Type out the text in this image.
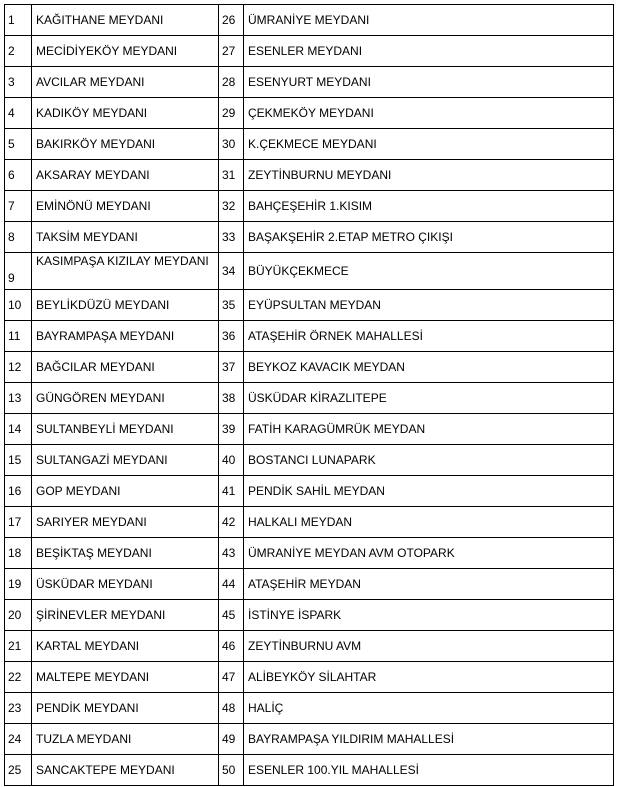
1	KAĞITHANE MEYDANI	26	ÜMRANİYE MEYDANI
2	MECİDİYEKÖY MEYDANI	27	ESENLER MEYDANI
3	AVCILAR MEYDANI	28	ESENYURT MEYDANI
4	KADIKÖY MEYDANI	29	ÇEKMEKÖY MEYDANI
5	BAKIRKÖY MEYDANI	30	K.ÇEKMECE MEYDANI
6	AKSARAY MEYDANI	31	ZEYTİNBURNU MEYDANI
7	EMİNÖNÜ MEYDANI	32	BAHÇEŞEHİR 1.KISIM
8	TAKSİM MEYDANI	33	BAŞAKŞEHİR 2.ETAP METRO ÇIKIŞI
9	KASIMPAŞA KIZILAY MEYDANI	34	BÜYÜKÇEKMECE
10	BEYLİKDÜZÜ MEYDANI	35	EYÜPSULTAN MEYDAN
11	BAYRAMPAŞA MEYDANI	36	ATAŞEHİR ÖRNEK MAHALLESİ
12	BAĞCILAR MEYDANI	37	BEYKOZ KAVACIK MEYDAN
13	GÜNGÖREN MEYDANI	38	ÜSKÜDAR KİRAZLITEPE
14	SULTANBEYLİ MEYDANI	39	FATİH KARAGÜMRÜK MEYDAN
15	SULTANGAZİ MEYDANI	40	BOSTANCI LUNAPARK
16	GOP MEYDANI	41	PENDİK SAHİL MEYDAN
17	SARIYER MEYDANI	42	HALKALI MEYDAN
18	BEŞİKTAŞ MEYDANI	43	ÜMRANİYE MEYDAN AVM OTOPARK
19	ÜSKÜDAR MEYDANI	44	ATAŞEHİR MEYDAN
20	ŞİRİNEVLER MEYDANI	45	İSTİNYE İSPARK
21	KARTAL MEYDANI	46	ZEYTİNBURNU AVM
22	MALTEPE MEYDANI	47	ALİBEYKÖY SİLAHTAR
23	PENDİK MEYDANI	48	HALİÇ
24	TUZLA MEYDANI	49	BAYRAMPAŞA YILDIRIM MAHALLESİ
25	SANCAKTEPE MEYDANI	50	ESENLER 100.YIL MAHALLESİ
